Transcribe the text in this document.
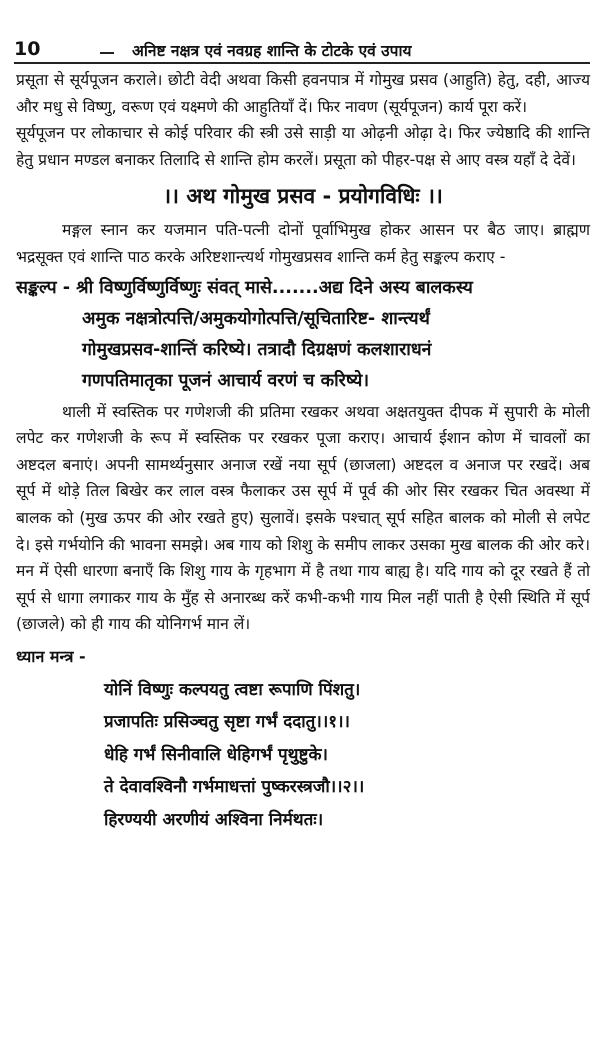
10	अनिष्ट नक्षत्र एवं नवग्रह शान्ति के टोटके एवं उपाय

प्रसूता से सूर्यपूजन कराले। छोटी वेदी अथवा किसी हवनपात्र में गोमुख प्रसव (आहुति) हेतु, दही, आज्य और मधु से विष्णु, वरूण एवं यक्ष्मणे की आहुतियाँ दें। फिर नावण (सूर्यपूजन) कार्य पूरा करें।

सूर्यपूजन पर लोकाचार से कोई परिवार की स्त्री उसे साड़ी या ओढ़नी ओढ़ा दे। फिर ज्येष्ठादि की शान्ति हेतु प्रधान मण्डल बनाकर तिलादि से शान्ति होम करलें। प्रसूता को पीहर-पक्ष से आए वस्त्र यहाँ दे देवें।

।। अथ गोमुख प्रसव - प्रयोगविधिः ।।

मङ्गल स्नान कर यजमान पति-पत्नी दोनों पूर्वाभिमुख होकर आसन पर बैठ जाए। ब्राह्मण भद्रसूक्त एवं शान्ति पाठ करके अरिष्टशान्त्यर्थ गोमुखप्रसव शान्ति कर्म हेतु सङ्कल्प कराए -

सङ्कल्प - श्री विष्णुर्विष्णुर्विष्णुः संवत् मासे.......अद्य दिने अस्य बालकस्य
अमुक नक्षत्रोत्पत्ति/अमुकयोगोत्पत्ति/सूचितारिष्ट- शान्त्यर्थं
गोमुखप्रसव-शान्तिं करिष्ये। तत्रादौ दिग्रक्षणं कलशाराधनं
गणपतिमातृका पूजनं आचार्य वरणं च करिष्ये।

थाली में स्वस्तिक पर गणेशजी की प्रतिमा रखकर अथवा अक्षतयुक्त दीपक में सुपारी के मोली लपेट कर गणेशजी के रूप में स्वस्तिक पर रखकर पूजा कराए। आचार्य ईशान कोण में चावलों का अष्टदल बनाएं। अपनी सामर्थ्यनुसार अनाज रखें नया सूर्प (छाजला) अष्टदल व अनाज पर रखदें। अब सूर्प में थोड़े तिल बिखेर कर लाल वस्त्र फैलाकर उस सूर्प में पूर्व की ओर सिर रखकर चित अवस्था में बालक को (मुख ऊपर की ओर रखते हुए) सुलावें। इसके पश्चात् सूर्प सहित बालक को मोली से लपेट दे। इसे गर्भयोनि की भावना समझे। अब गाय को शिशु के समीप लाकर उसका मुख बालक की ओर करे। मन में ऐसी धारणा बनाएँ कि शिशु गाय के गृहभाग में है तथा गाय बाह्य है। यदि गाय को दूर रखते हैं तो सूर्प से धागा लगाकर गाय के मुँह से अनारब्ध करें कभी-कभी गाय मिल नहीं पाती है ऐसी स्थिति में सूर्प (छाजले) को ही गाय की योनिगर्भ मान लें।

ध्यान मन्त्र -
योनिं विष्णुः कल्पयतु त्वष्टा रूपाणि पिंशतु।
प्रजापतिः प्रसिञ्चतु सृष्टा गर्भं ददातु।।१।।
धेहि गर्भं सिनीवालि धेहिगर्भं पृथुष्टुके।
ते देवावश्विनौ गर्भमाधत्तां पुष्करस्त्रजौ।।२।।
हिरण्ययी अरणीयं अश्विना निर्मथतः।
